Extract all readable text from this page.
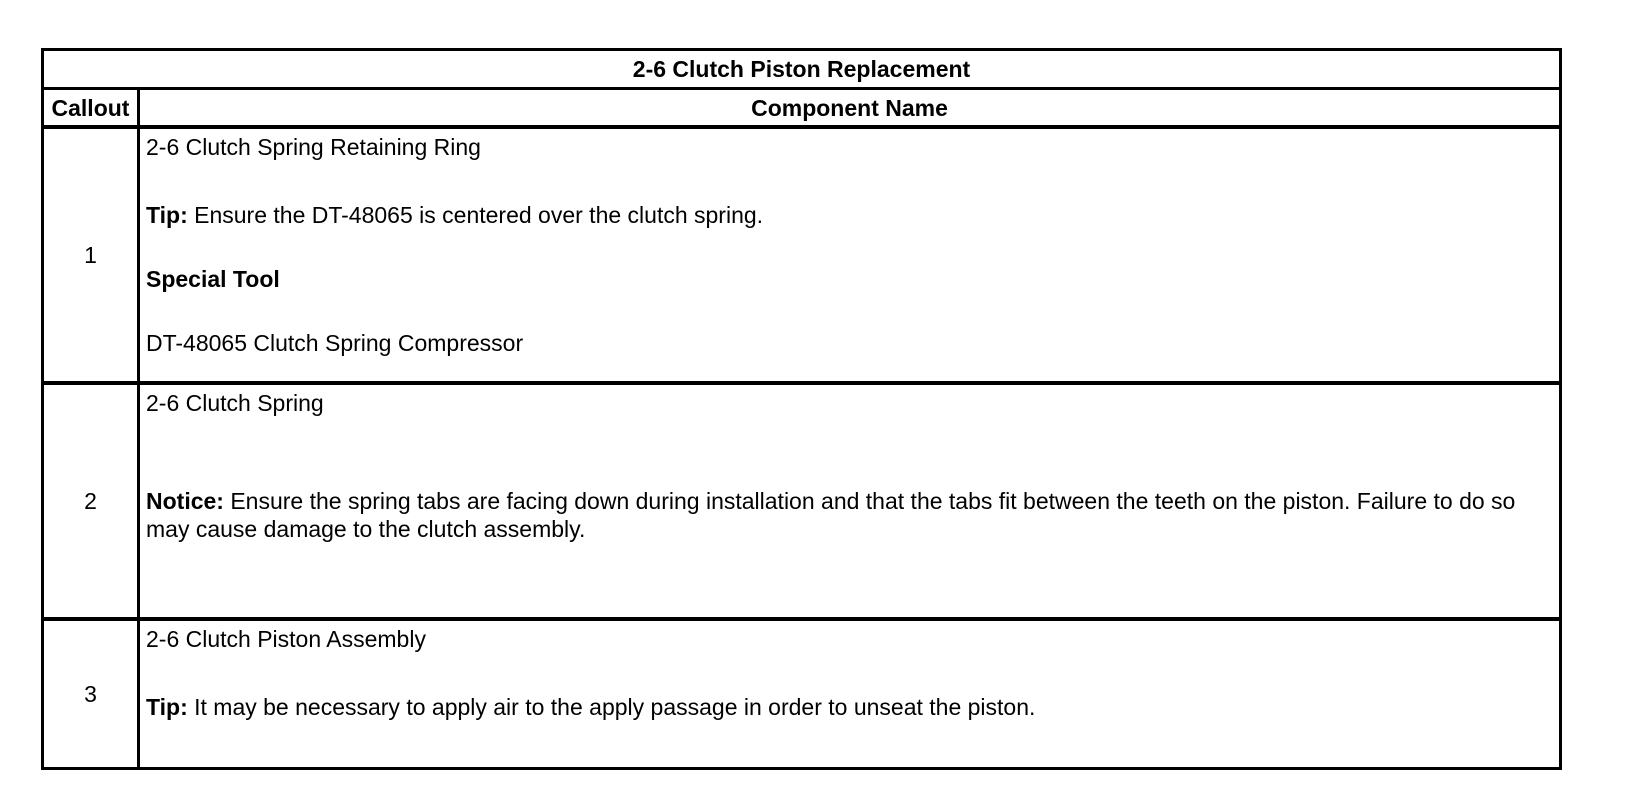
2-6 Clutch Piston Replacement	
Callout	Component Name
1	2-6 Clutch Spring Retaining Ring

Tip: Ensure the DT-48065 is centered over the clutch spring.

Special Tool

DT-48065 Clutch Spring Compressor

2	2-6 Clutch Spring

Notice: Ensure the spring tabs are facing down during installation and that the tabs fit between the teeth on the piston. Failure to do so may cause damage to the clutch assembly.

3	2-6 Clutch Piston Assembly

Tip: It may be necessary to apply air to the apply passage in order to unseat the piston.
